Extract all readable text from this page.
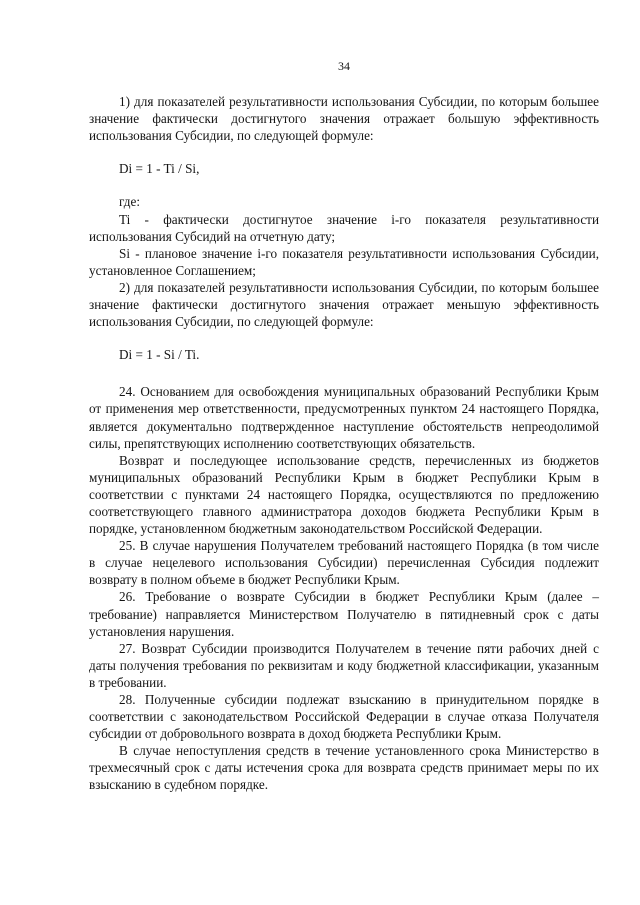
34

1) для показателей результативности использования Субсидии, по которым большее значение фактически достигнутого значения отражает большую эффективность использования Субсидии, по следующей формуле:

Di = 1 - Ti / Si,

где:

Ti - фактически достигнутое значение i-го показателя результативности использования Субсидий на отчетную дату;

Si - плановое значение i-го показателя результативности использования Субсидии, установленное Соглашением;

2) для показателей результативности использования Субсидии, по которым большее значение фактически достигнутого значения отражает меньшую эффективность использования Субсидии, по следующей формуле:

Di = 1 - Si / Ti.

24. Основанием для освобождения муниципальных образований Республики Крым от применения мер ответственности, предусмотренных пунктом 24 настоящего Порядка, является документально подтвержденное наступление обстоятельств непреодолимой силы, препятствующих исполнению соответствующих обязательств.

Возврат и последующее использование средств, перечисленных из бюджетов муниципальных образований Республики Крым в бюджет Республики Крым в соответствии с пунктами 24 настоящего Порядка, осуществляются по предложению соответствующего главного администратора доходов бюджета Республики Крым в порядке, установленном бюджетным законодательством Российской Федерации.

25. В случае нарушения Получателем требований настоящего Порядка (в том числе в случае нецелевого использования Субсидии) перечисленная Субсидия подлежит возврату в полном объеме в бюджет Республики Крым.

26. Требование о возврате Субсидии в бюджет Республики Крым (далее – требование) направляется Министерством Получателю в пятидневный срок с даты установления нарушения.

27. Возврат Субсидии производится Получателем в течение пяти рабочих дней с даты получения требования по реквизитам и коду бюджетной классификации, указанным в требовании.

28. Полученные субсидии подлежат взысканию в принудительном порядке в соответствии с законодательством Российской Федерации в случае отказа Получателя субсидии от добровольного возврата в доход бюджета Республики Крым.

В случае непоступления средств в течение установленного срока Министерство в трехмесячный срок с даты истечения срока для возврата средств принимает меры по их взысканию в судебном порядке.
